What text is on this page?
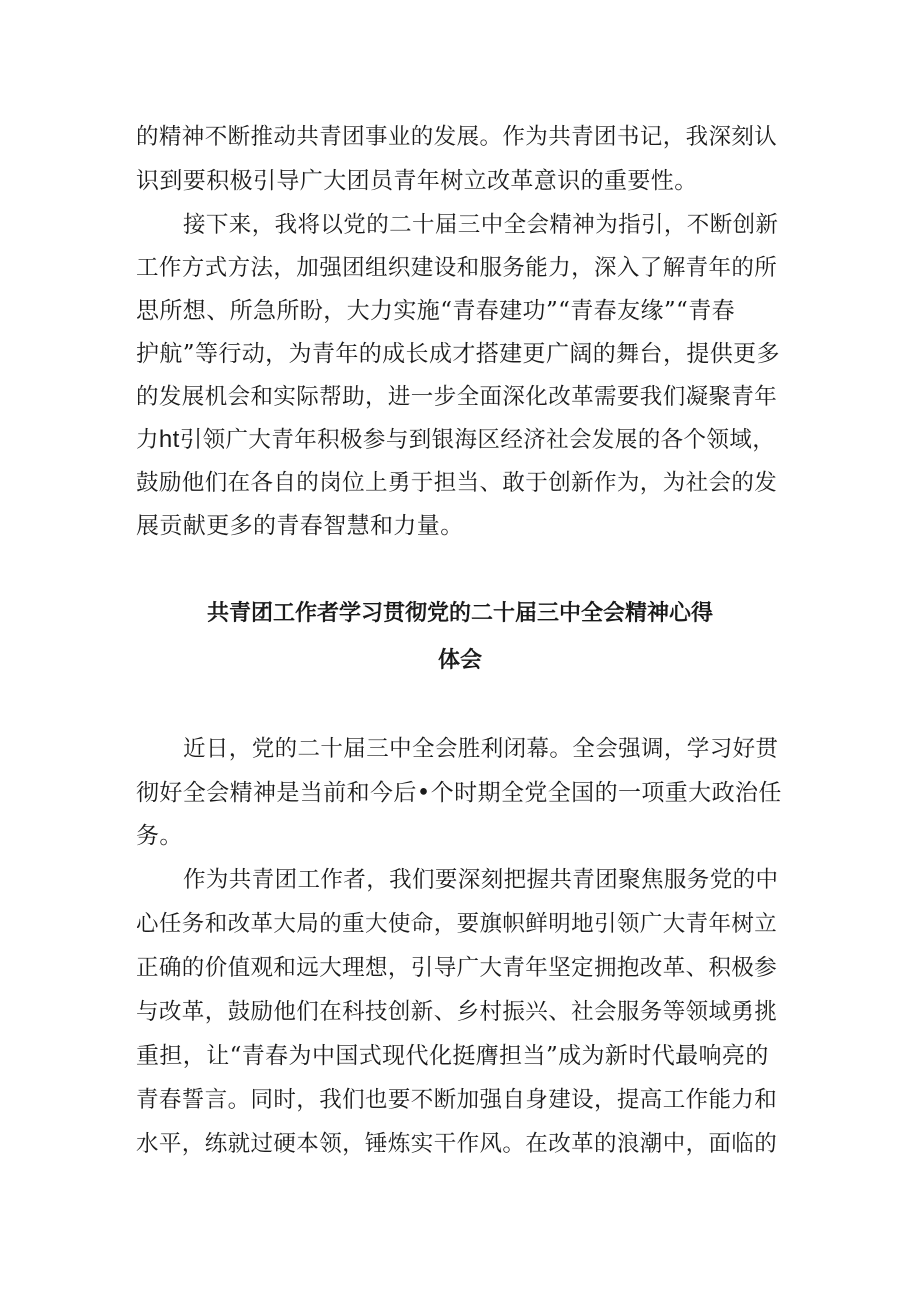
的精神不断推动共青团事业的发展。作为共青团书记，我深刻认
识到要积极引导广大团员青年树立改革意识的重要性。
接下来，我将以党的二十届三中全会精神为指引，不断创新
工作方式方法，加强团组织建设和服务能力，深入了解青年的所
思所想、所急所盼，大力实施“青春建功”“青春友缘”“青春
护航”等行动，为青年的成长成才搭建更广阔的舞台，提供更多
的发展机会和实际帮助，进一步全面深化改革需要我们凝聚青年
力ht引领广大青年积极参与到银海区经济社会发展的各个领域，
鼓励他们在各自的岗位上勇于担当、敢于创新作为，为社会的发
展贡献更多的青春智慧和力量。
共青团工作者学习贯彻党的二十届三中全会精神心得
体会
近日，党的二十届三中全会胜利闭幕。全会强调，学习好贯
彻好全会精神是当前和今后•个时期全党全国的一项重大政治任
务。
作为共青团工作者，我们要深刻把握共青团聚焦服务党的中
心任务和改革大局的重大使命，要旗帜鲜明地引领广大青年树立
正确的价值观和远大理想，引导广大青年坚定拥抱改革、积极参
与改革，鼓励他们在科技创新、乡村振兴、社会服务等领域勇挑
重担，让“青春为中国式现代化挺膺担当”成为新时代最响亮的
青春誓言。同时，我们也要不断加强自身建设，提高工作能力和
水平，练就过硬本领，锤炼实干作风。在改革的浪潮中，面临的
